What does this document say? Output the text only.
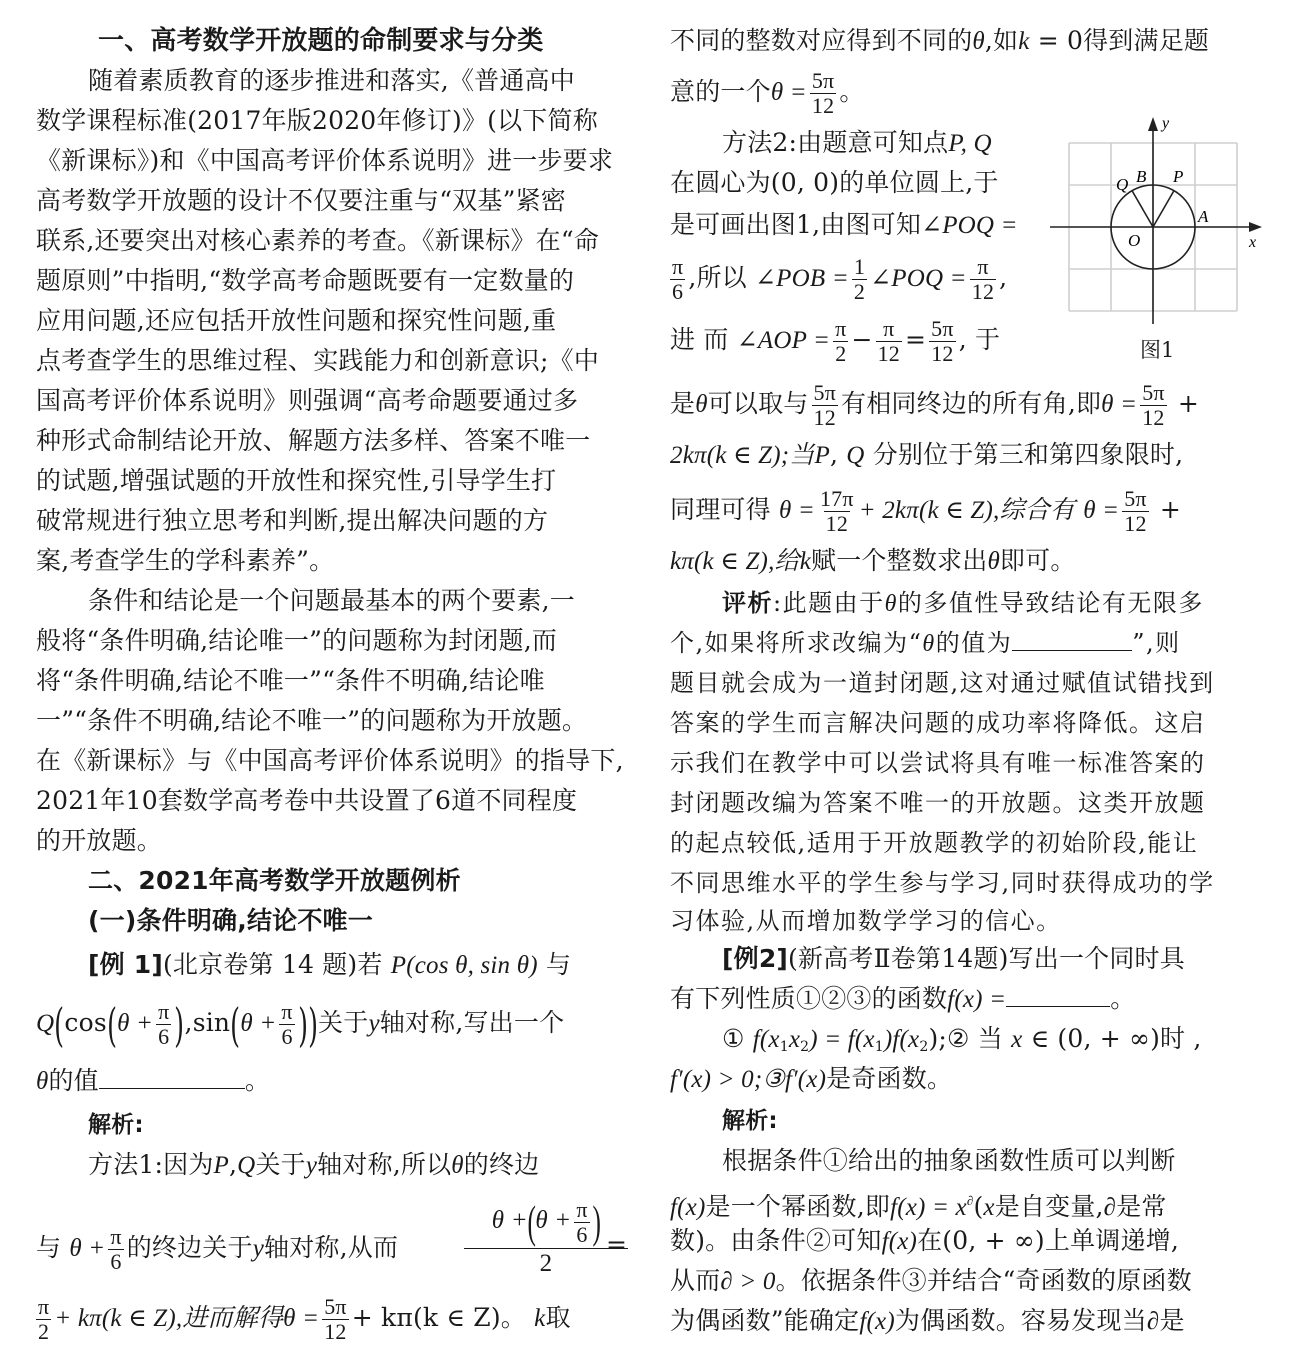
一、高考数学开放题的命制要求与分类
随着素质教育的逐步推进和落实,《普通高中
数学课程标准(2017年版2020年修订)》(以下简称
《新课标》)和《中国高考评价体系说明》进一步要求
高考数学开放题的设计不仅要注重与“双基”紧密
联系,还要突出对核心素养的考查。《新课标》在“命
题原则”中指明,“数学高考命题既要有一定数量的
应用问题,还应包括开放性问题和探究性问题,重
点考查学生的思维过程、实践能力和创新意识;《中
国高考评价体系说明》则强调“高考命题要通过多
种形式命制结论开放、解题方法多样、答案不唯一
的试题,增强试题的开放性和探究性,引导学生打
破常规进行独立思考和判断,提出解决问题的方
案,考查学生的学科素养”。
条件和结论是一个问题最基本的两个要素,一
般将“条件明确,结论唯一”的问题称为封闭题,而
将“条件明确,结论不唯一”“条件不明确,结论唯
一”“条件不明确,结论不唯一”的问题称为开放题。
在《新课标》与《中国高考评价体系说明》的指导下,
2021年10套数学高考卷中共设置了6道不同程度
的开放题。
二、2021年高考数学开放题例析
(一)条件明确,结论不唯一
[例 1](北京卷第 14 题)若 P(cos θ, sin θ) 与
$Q(\cos(\theta + \frac{\pi}{6} ),\sin(\theta + \frac{\pi}{6}$ ))关于y轴对称,写出一个
θ的值	。
解析:
方法1:因为P,Q关于y轴对称,所以θ的终边
与 $\theta + \frac{\pi}{6}$ 的终边关于y轴对称,从而	$\frac{\theta +(\theta + \frac{\pi}{6} )}{2}$
=
$\frac{\pi}{2} + k\pi(k$ ∈ Z),进而解得$\theta = \frac{5\pi}{12} + k\pi(k$ ∈ Z)。 k取
不同的整数对应得到不同的θ,如k = 0得到满足题
意的一个$\theta = \frac{5\pi}{12}$ 。
方法2:由题意可知点P, Q
在圆心为(0, 0)的单位圆上,于
是可画出图1,由图可知∠POQ =
$\frac{\pi}{6}$ ,所以 ∠POB = $\frac{1}{2}$ ∠POQ = $\frac{\pi}{12}$ ,
进 而 ∠AOP = $\frac{\pi}{2} - \frac{\pi}{12} = \frac{5\pi}{12}$ , 于
是θ可以取与 $\frac{5\pi}{12}$ 有相同终边的所有角,即$\theta = \frac{5\pi}{12}$ +
2kπ(k ∈ Z);当P, Q 分别位于第三和第四象限时,
同理可得 $\theta = \frac{17\pi}{12} + 2k\pi(k$ ∈ Z),综合有 $\theta = \frac{5\pi}{12}$ +
kπ(k ∈ Z),给k赋一个整数求出θ即可。
评析:此题由于θ的多值性导致结论有无限多
个,如果将所求改编为“θ的值为	”,则
题目就会成为一道封闭题,这对通过赋值试错找到
答案的学生而言解决问题的成功率将降低。这启
示我们在教学中可以尝试将具有唯一标准答案的
封闭题改编为答案不唯一的开放题。这类开放题
的起点较低,适用于开放题教学的初始阶段,能让
不同思维水平的学生参与学习,同时获得成功的学
习体验,从而增加数学学习的信心。
[例2](新高考Ⅱ卷第14题)写出一个同时具
有下列性质①②③的函数f(x) =	。
① $f(x_1x_2)$ = $f(x_1)f(x_2);②$ 当 x ∈ (0, + ∞)时 ,
f′(x) > 0;③f′(x)是奇函数。
解析:
根据条件①给出的抽象函数性质可以判断
f(x)是一个幂函数,即f(x) = x∂(x是自变量,∂是常
数)。由条件②可知f(x)在(0, + ∞)上单调递增,
从而∂ > 0。依据条件③并结合“奇函数的原函数
为偶函数”能确定f(x)为偶函数。容易发现当∂是
y
x
O
A
B P
Q
图1
